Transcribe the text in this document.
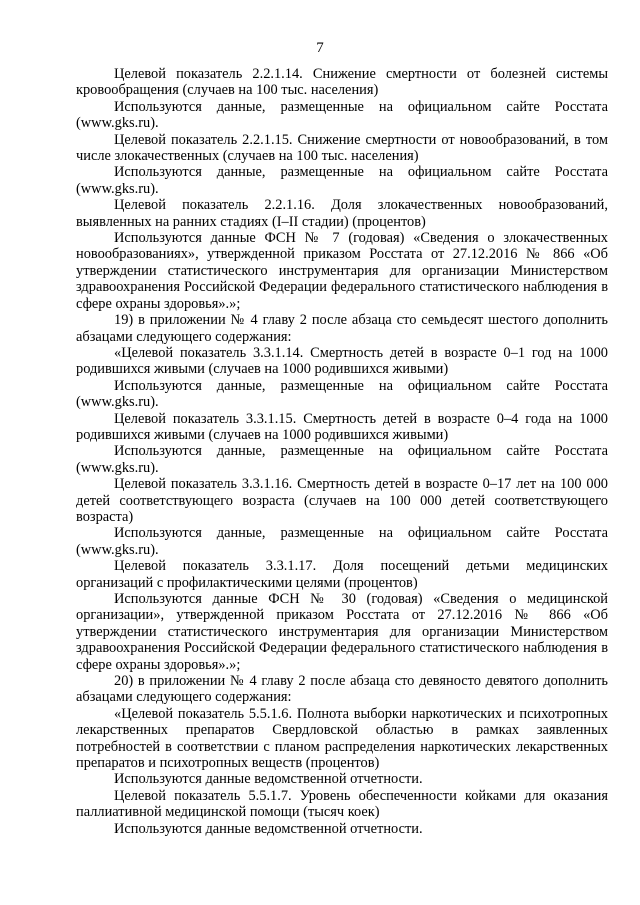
7

Целевой показатель 2.2.1.14. Снижение смертности от болезней системы кровообращения (случаев на 100 тыс. населения)

Используются данные, размещенные на официальном сайте Росстата (www.gks.ru).

Целевой показатель 2.2.1.15. Снижение смертности от новообразований, в том числе злокачественных (случаев на 100 тыс. населения)

Используются данные, размещенные на официальном сайте Росстата (www.gks.ru).

Целевой показатель 2.2.1.16. Доля злокачественных новообразований, выявленных на ранних стадиях (I–II стадии) (процентов)

Используются данные ФСН № 7 (годовая) «Сведения о злокачественных новообразованиях», утвержденной приказом Росстата от 27.12.2016 № 866 «Об утверждении статистического инструментария для организации Министерством здравоохранения Российской Федерации федерального статистического наблюдения в сфере охраны здоровья».»;

19) в приложении № 4 главу 2 после абзаца сто семьдесят шестого дополнить абзацами следующего содержания:

«Целевой показатель 3.3.1.14. Смертность детей в возрасте 0–1 год на 1000 родившихся живыми (случаев на 1000 родившихся живыми)

Используются данные, размещенные на официальном сайте Росстата (www.gks.ru).

Целевой показатель 3.3.1.15. Смертность детей в возрасте 0–4 года на 1000 родившихся живыми (случаев на 1000 родившихся живыми)

Используются данные, размещенные на официальном сайте Росстата (www.gks.ru).

Целевой показатель 3.3.1.16. Смертность детей в возрасте 0–17 лет на 100 000 детей соответствующего возраста (случаев на 100 000 детей соответствующего возраста)

Используются данные, размещенные на официальном сайте Росстата (www.gks.ru).

Целевой показатель 3.3.1.17. Доля посещений детьми медицинских организаций с профилактическими целями (процентов)

Используются данные ФСН № 30 (годовая) «Сведения о медицинской организации», утвержденной приказом Росстата от 27.12.2016 № 866 «Об утверждении статистического инструментария для организации Министерством здравоохранения Российской Федерации федерального статистического наблюдения в сфере охраны здоровья».»;

20) в приложении № 4 главу 2 после абзаца сто девяносто девятого дополнить абзацами следующего содержания:

«Целевой показатель 5.5.1.6. Полнота выборки наркотических и психотропных лекарственных препаратов Свердловской областью в рамках заявленных потребностей в соответствии с планом распределения наркотических лекарственных препаратов и психотропных веществ (процентов)

Используются данные ведомственной отчетности.

Целевой показатель 5.5.1.7. Уровень обеспеченности койками для оказания паллиативной медицинской помощи (тысяч коек)

Используются данные ведомственной отчетности.
